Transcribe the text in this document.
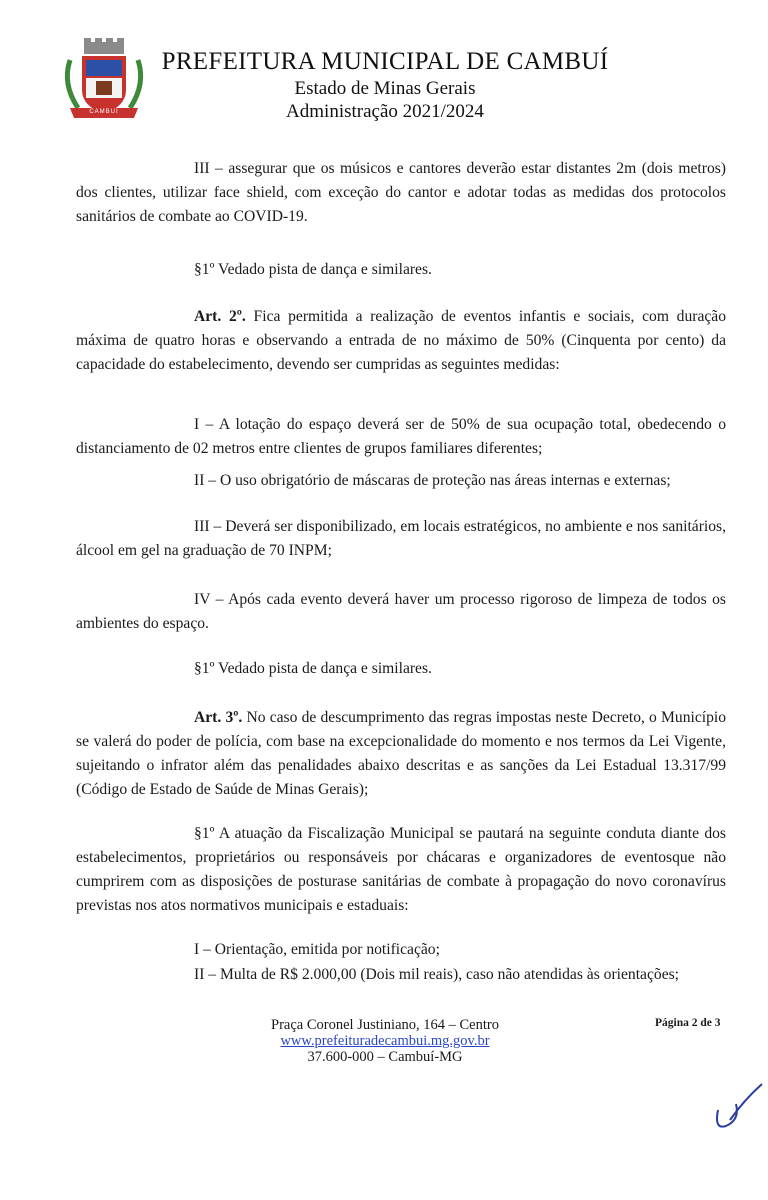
CAMBUÍ
PREFEITURA MUNICIPAL DE CAMBUÍ
Estado de Minas Gerais
Administração 2021/2024

III – assegurar que os músicos e cantores deverão estar distantes 2m (dois metros) dos clientes, utilizar face shield, com exceção do cantor e adotar todas as medidas dos protocolos sanitários de combate ao COVID-19.

§1º Vedado pista de dança e similares.

Art. 2º. Fica permitida a realização de eventos infantis e sociais, com duração máxima de quatro horas e observando a entrada de no máximo de 50% (Cinquenta por cento) da capacidade do estabelecimento, devendo ser cumpridas as seguintes medidas:

I – A lotação do espaço deverá ser de 50% de sua ocupação total, obedecendo o distanciamento de 02 metros entre clientes de grupos familiares diferentes;

II – O uso obrigatório de máscaras de proteção nas áreas internas e externas;

III – Deverá ser disponibilizado, em locais estratégicos, no ambiente e nos sanitários, álcool em gel na graduação de 70 INPM;

IV – Após cada evento deverá haver um processo rigoroso de limpeza de todos os ambientes do espaço.

§1º Vedado pista de dança e similares.

Art. 3º. No caso de descumprimento das regras impostas neste Decreto, o Município se valerá do poder de polícia, com base na excepcionalidade do momento e nos termos da Lei Vigente, sujeitando o infrator além das penalidades abaixo descritas e as sanções da Lei Estadual 13.317/99 (Código de Estado de Saúde de Minas Gerais);

§1º A atuação da Fiscalização Municipal se pautará na seguinte conduta diante dos estabelecimentos, proprietários ou responsáveis por chácaras e organizadores de eventosque não cumprirem com as disposições de posturase sanitárias de combate à propagação do novo coronavírus previstas nos atos normativos municipais e estaduais:

I – Orientação, emitida por notificação;

II – Multa de R$ 2.000,00 (Dois mil reais), caso não atendidas às orientações;

Praça Coronel Justiniano, 164 – Centro
www.prefeituradecambui.mg.gov.br
37.600-000 – Cambuí-MG
Página 2 de 3
